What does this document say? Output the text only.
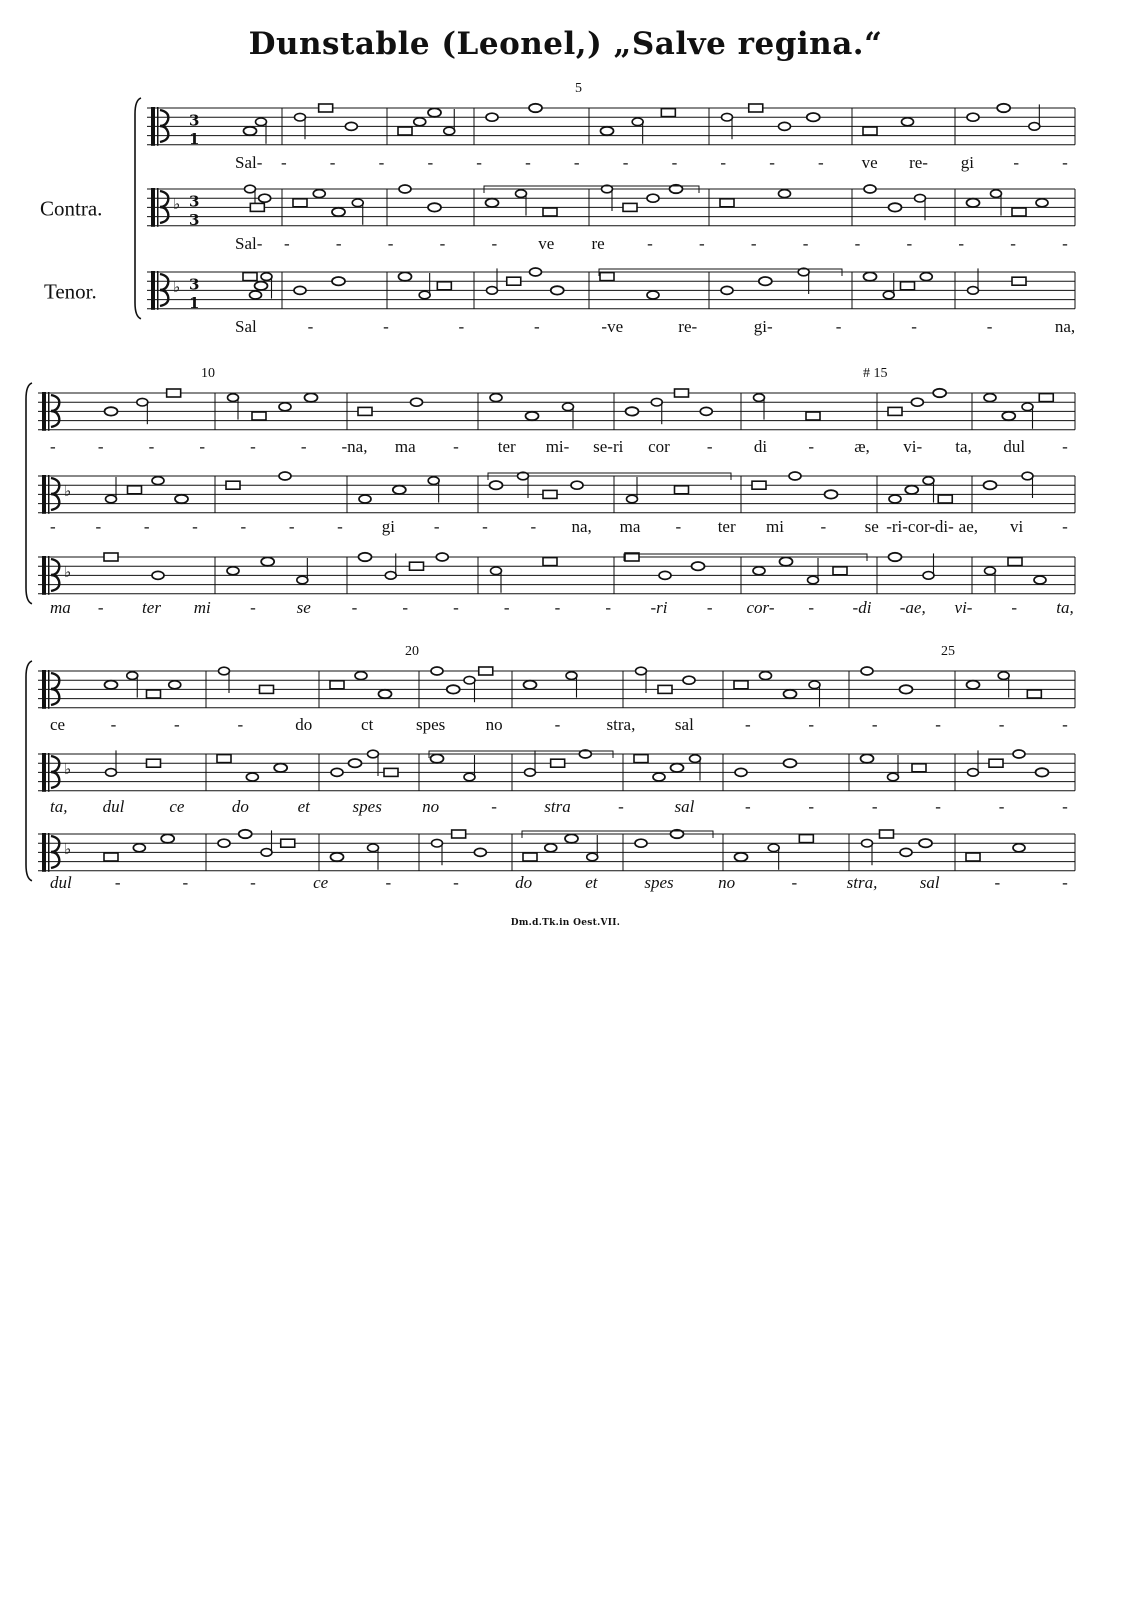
Dunstable (Leonel,) „Salve regina.“
3
1
♭ 3
3
♭ 3
1
5
Sal- -	-	-	-	-	-	-	-	-	-	-	- ve re- gi -	-
Sal- -	-	-	-	- ve re -	-	-	-	-	-	-	-	-
Sal	-	-	-	-	-ve	re-	gi-	-	-	-	na,
♭
♭
10	# 15
- -	-	-	-	- -na, ma - ter mi- se-ri cor - di - æ, vi- ta, dul -
- -	-	-	-	-	- gi -	-	- na, ma - ter mi - se -ri-cor-di- ae, vi -
ma - ter mi - se -	-	-	-	-	- -ri - cor- - -di -ae, vi- - ta,
♭
♭
20	25
ce	-	-	-	do	ct	spes no	-	stra, sal	-	-	-	-	-	-
ta, dul	ce	do	et	spes no	-	stra	-	sal	-	-	-	-	-	-
dul	-	-	-	ce	-	-	do	et	spes	no	-	stra, sal	-	-
Contra.
Tenor.
Dm.d.Tk.in Oest.VII.
